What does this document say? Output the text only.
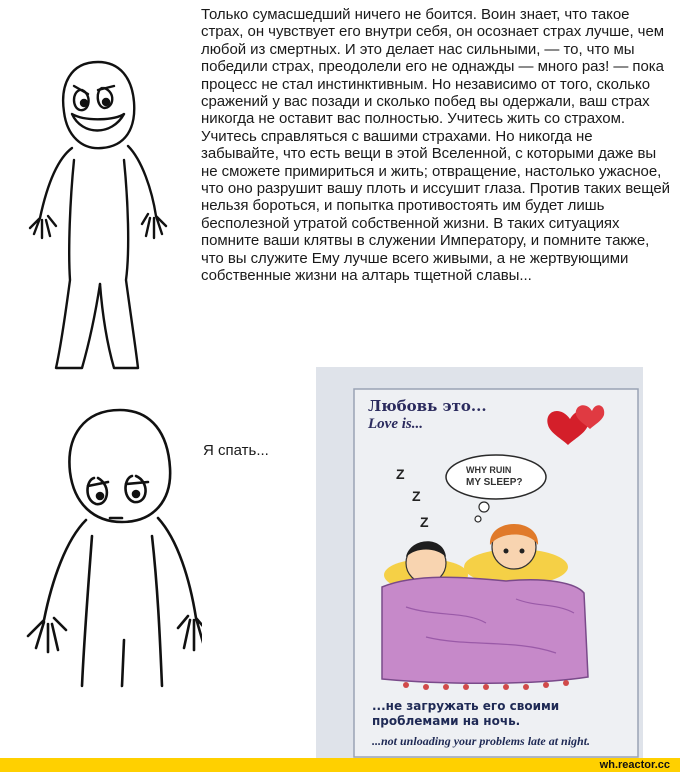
Только сумасшедший ничего не боится. Воин знает, что такое страх, он чувствует его внутри себя, он осознает страх лучше, чем любой из смертных. И это делает нас сильными, — то, что мы победили страх, преодолели его не однажды — много раз! — пока процесс не стал инстинктивным. Но независимо от того, сколько сражений у вас позади и сколько побед вы одержали, ваш страх никогда не оставит вас полностью. Учитесь жить со страхом. Учитесь справляться с вашими страхами. Но никогда не забывайте, что есть вещи в этой Вселенной, с которыми даже вы не сможете примириться и жить; отвращение, настолько ужасное, что оно разрушит вашу плоть и иссушит глаза. Против таких вещей нельзя бороться, и попытка противостоять им будет лишь бесполезной утратой собственной жизни. В таких ситуациях помните ваши клятвы в служении Императору, и помните также, что вы служите Ему лучше всего живыми, а не жертвующими собственные жизни на алтарь тщетной славы...
Я спать...
WHY RUIN
MY SLEEP?
Z
Z
Z
Любовь это...
Love is...
...не загружать его своими проблемами на ночь.
...not unloading your problems late at night.
wh.reactor.cc
